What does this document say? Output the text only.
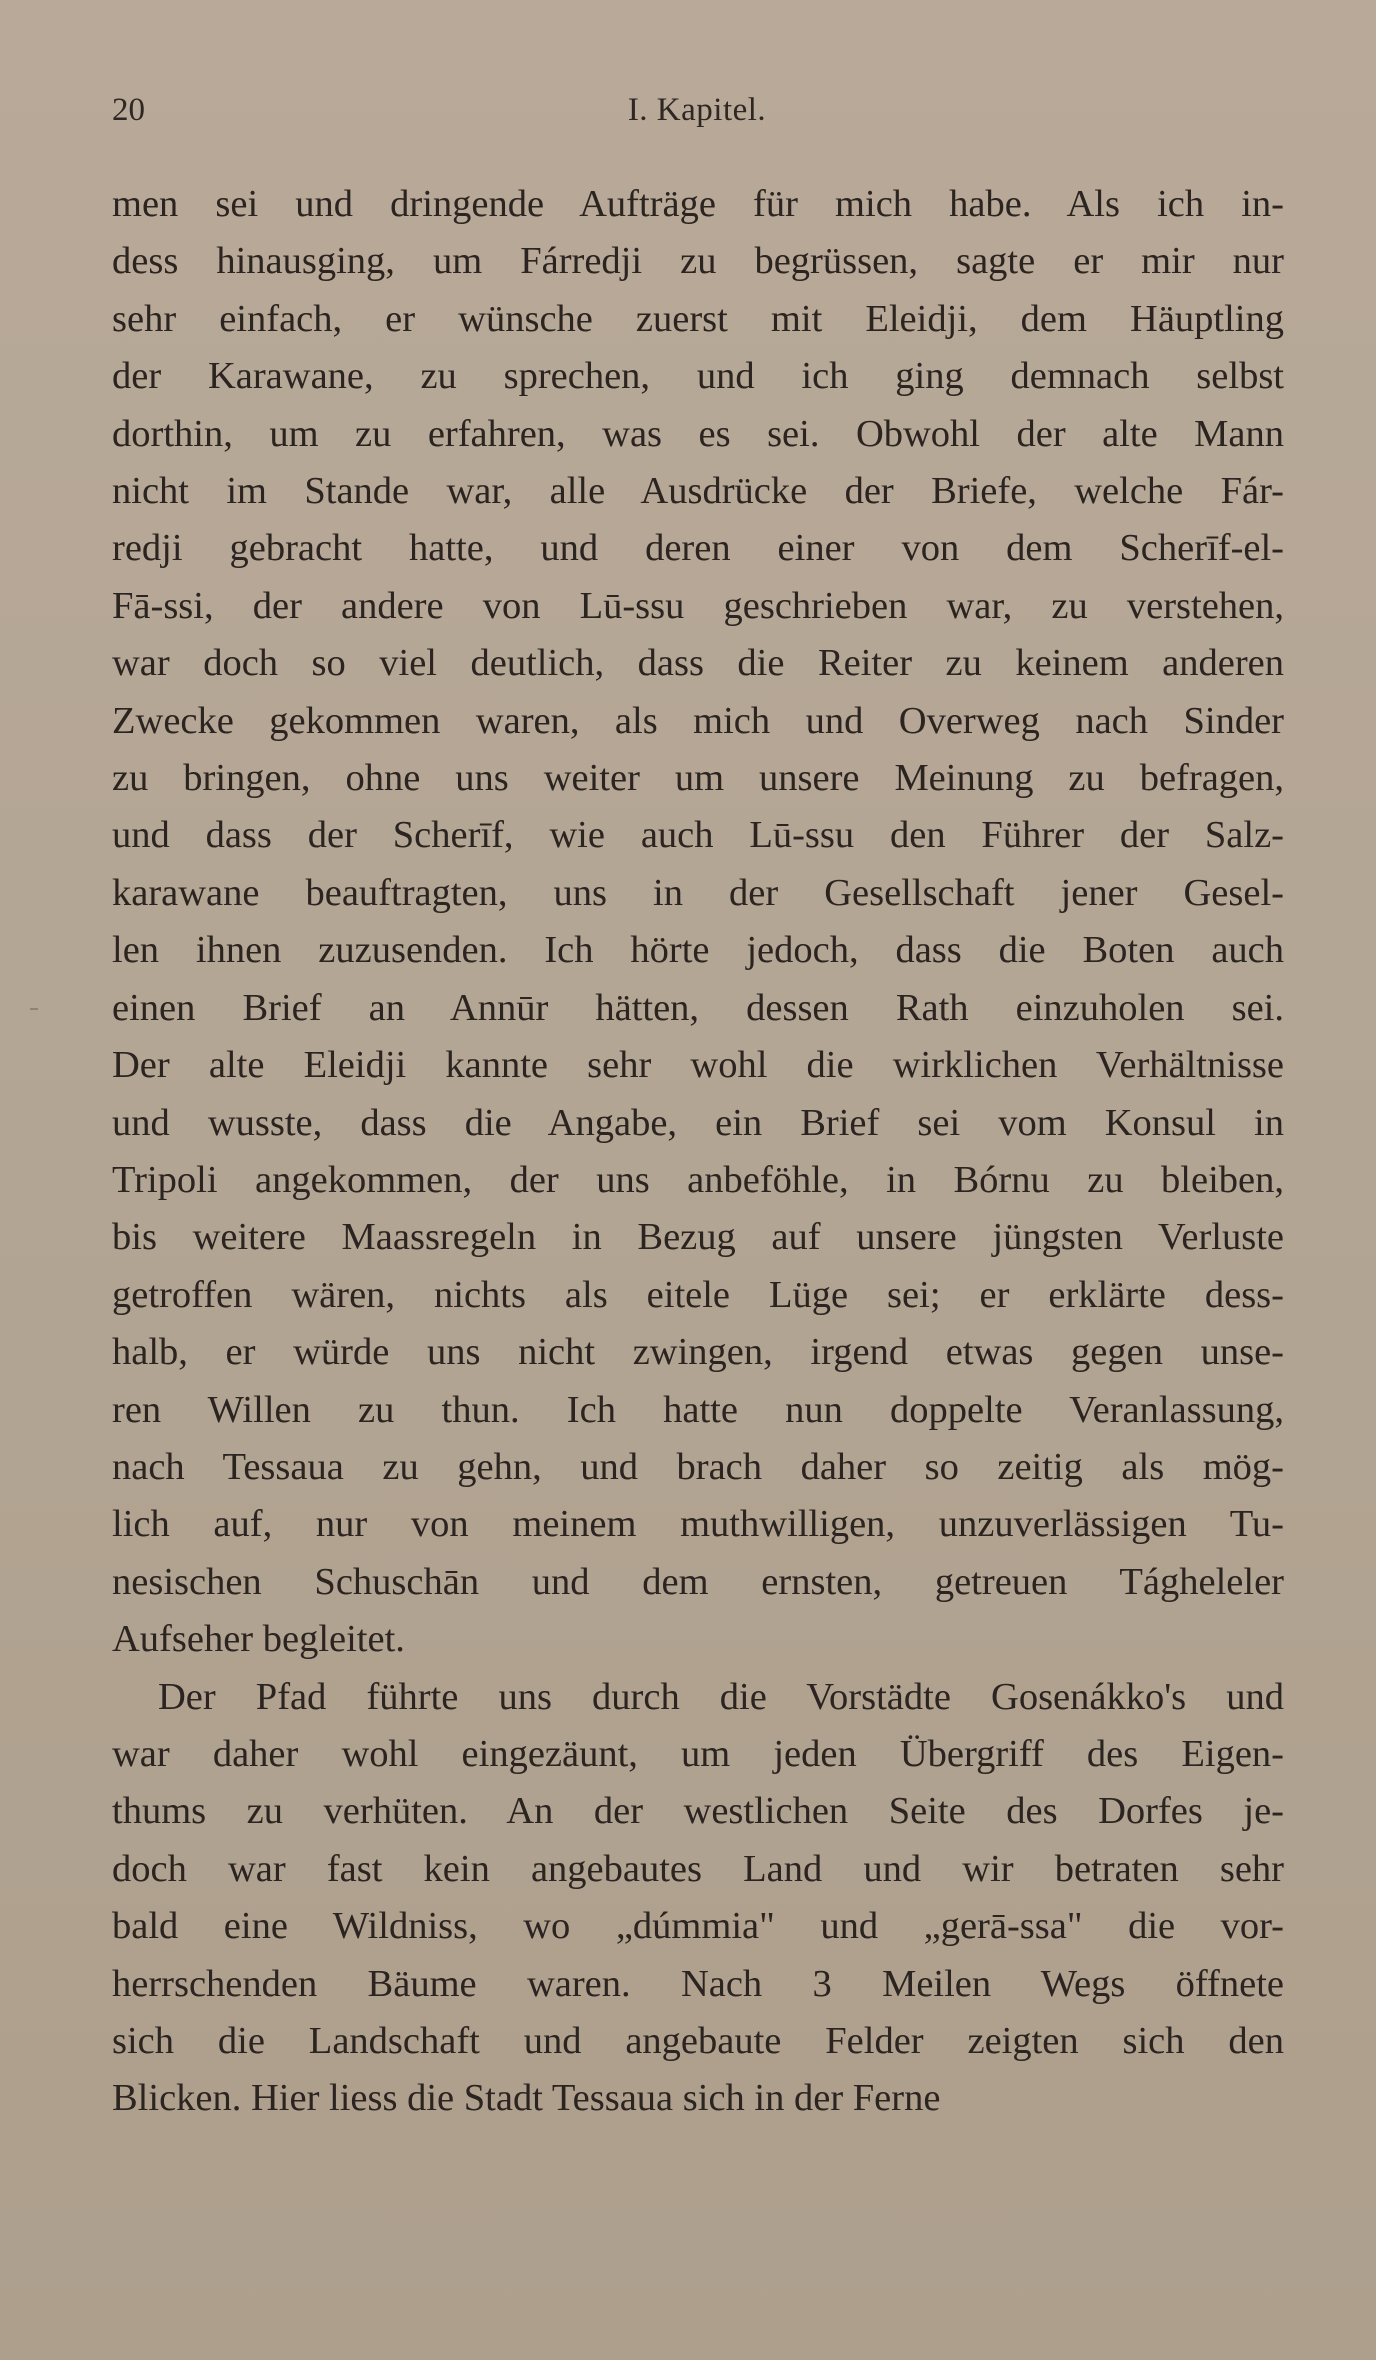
20	I. Kapitel.

men sei und dringende Aufträge für mich habe. Als ich in-
dess hinausging, um Fárredji zu begrüssen, sagte er mir nur
sehr einfach, er wünsche zuerst mit Eleidji, dem Häuptling
der Karawane, zu sprechen, und ich ging demnach selbst
dorthin, um zu erfahren, was es sei. Obwohl der alte Mann
nicht im Stande war, alle Ausdrücke der Briefe, welche Fár-
redji gebracht hatte, und deren einer von dem Scherīf-el-
Fā-ssi, der andere von Lū-ssu geschrieben war, zu verstehen,
war doch so viel deutlich, dass die Reiter zu keinem anderen
Zwecke gekommen waren, als mich und Overweg nach Sinder
zu bringen, ohne uns weiter um unsere Meinung zu befragen,
und dass der Scherīf, wie auch Lū-ssu den Führer der Salz-
karawane beauftragten, uns in der Gesellschaft jener Gesel-
len ihnen zuzusenden. Ich hörte jedoch, dass die Boten auch
einen Brief an Annūr hätten, dessen Rath einzuholen sei.
Der alte Eleidji kannte sehr wohl die wirklichen Verhältnisse
und wusste, dass die Angabe, ein Brief sei vom Konsul in
Tripoli angekommen, der uns anbeföhle, in Bórnu zu bleiben,
bis weitere Maassregeln in Bezug auf unsere jüngsten Verluste
getroffen wären, nichts als eitele Lüge sei; er erklärte dess-
halb, er würde uns nicht zwingen, irgend etwas gegen unse-
ren Willen zu thun. Ich hatte nun doppelte Veranlassung,
nach Tessaua zu gehn, und brach daher so zeitig als mög-
lich auf, nur von meinem muthwilligen, unzuverlässigen Tu-
nesischen Schuschān und dem ernsten, getreuen Tágheleler
Aufseher begleitet.

Der Pfad führte uns durch die Vorstädte Gosenákko's und
war daher wohl eingezäunt, um jeden Übergriff des Eigen-
thums zu verhüten. An der westlichen Seite des Dorfes je-
doch war fast kein angebautes Land und wir betraten sehr
bald eine Wildniss, wo „dúmmia" und „gerā-ssa" die vor-
herrschenden Bäume waren. Nach 3 Meilen Wegs öffnete
sich die Landschaft und angebaute Felder zeigten sich den
Blicken. Hier liess die Stadt Tessaua sich in der Ferne
